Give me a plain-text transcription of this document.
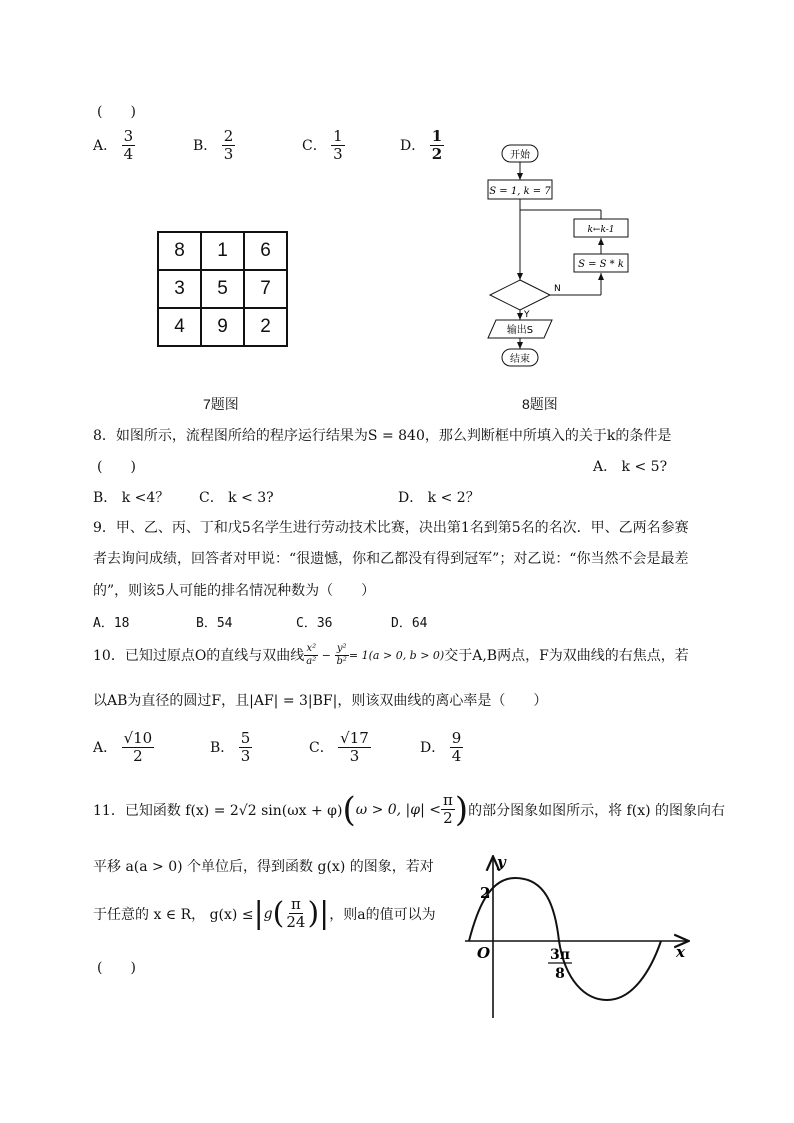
(　　)
A． $\frac{3}{4}$	B． $\frac{2}{3}$	C． $\frac{1}{3}$	D． $\frac{1}{2}$
8	1	6
3	5	7
4	9	2
7题图
开始
S = 1, k = 7
N
S = S * k
k←k-1
Y
输出S
结束
8题图
8．如图所示，流程图所给的程序运行结果为S = 840，那么判断框中所填入的关于k的条件是
(　　)	A． k < 5?
B． k <4？ C． k < 3?	D． k < 2？
9．甲、乙、丙、丁和戊5名学生进行劳动技术比赛，决出第1名到第5名的名次．甲、乙两名参赛
者去询问成绩，回答者对甲说：“很遗憾，你和乙都没有得到冠军”；对乙说：“你当然不会是最差
的”，则该5人可能的排名情况种数为（　　）
A．18	B．54	C．36	D．64
10．已知过原点O的直线与双曲线 $\frac{\text{x²}}{\text{a²}} - \frac{\text{y²}}{\text{b²}} = 1(a > 0$, b > 0) 交于A,B两点，F为双曲线的右焦点，若
以AB为直径的圆过F，且|AF| = 3|BF|，则该双曲线的离心率是（　　）
A． $\frac{√10}{2}$	B． $\frac{5}{3}$	C． $\frac{√17}{3}$	D． $\frac{9}{4}$
11．已知函数 f(x) = 2√2 sin(ωx + φ) ( ω > 0, $|\varphi| < \frac{\pi}{2}$ ) 的部分图象如图所示，将 f(x) 的图象向右
平移 a(a > 0) 个单位后，得到函数 g(x) 的图象，若对
于任意的 x ∈ R， g(x) ≤ | g ( $\frac{\pi}{24}$ ) | ，则a的值可以为
(　　)
y
x
O
2
3π
8
